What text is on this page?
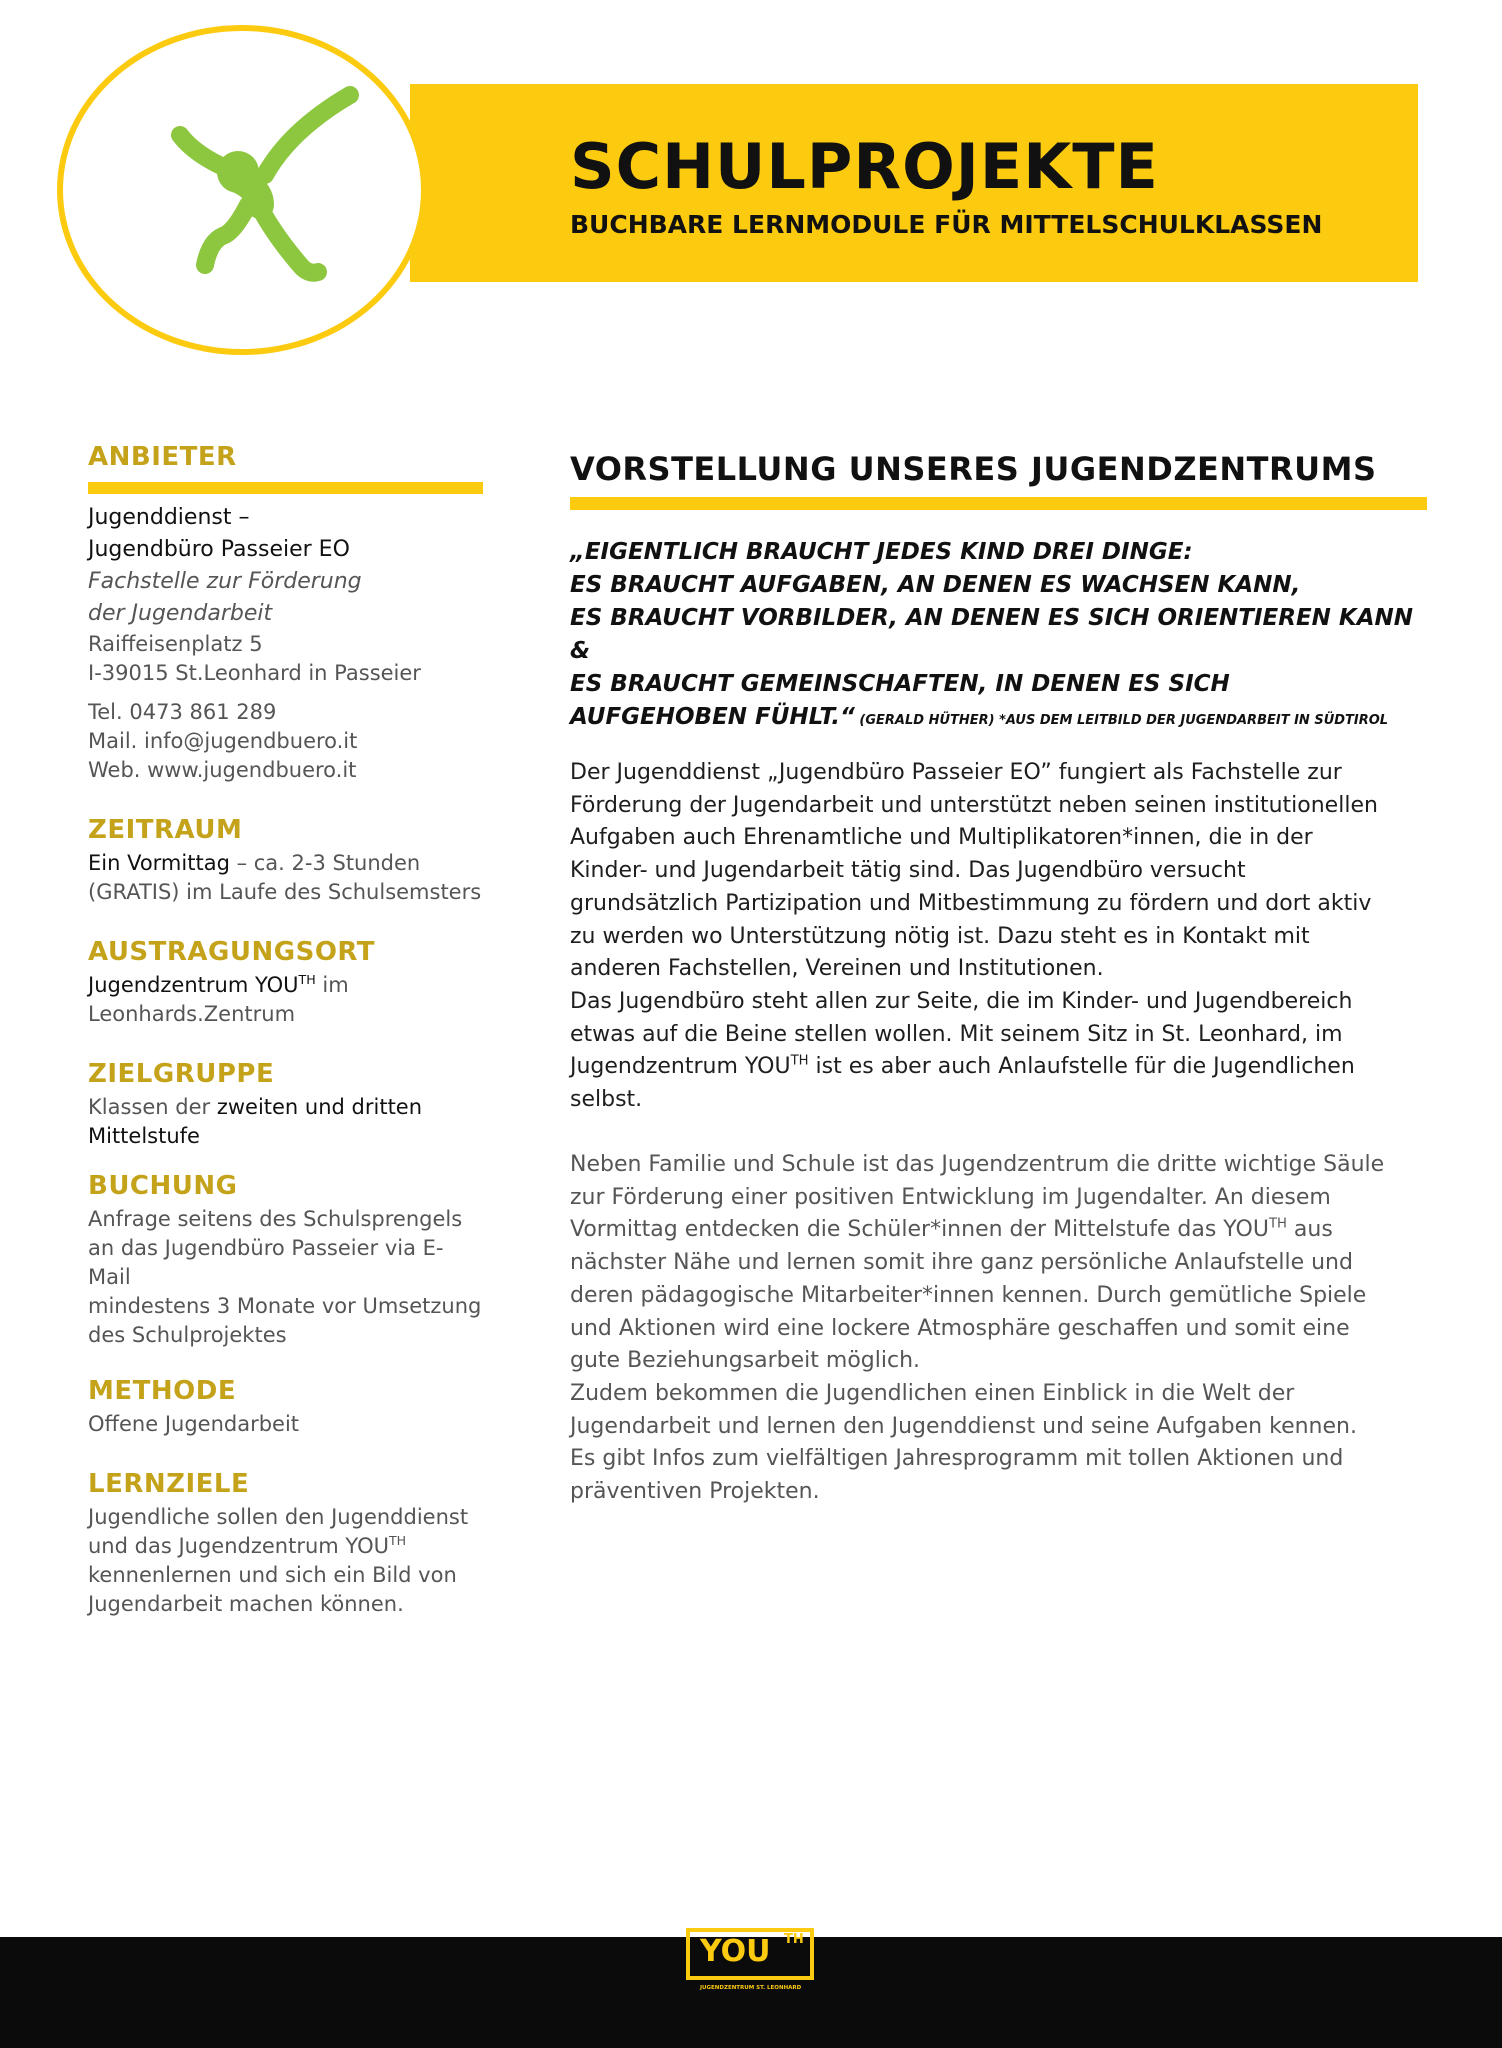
SCHULPROJEKTE
BUCHBARE LERNMODULE FÜR MITTELSCHULKLASSEN
ANBIETER

Jugenddienst –

Jugendbüro Passeier EO

Fachstelle zur Förderung

der Jugendarbeit

Raiffeisenplatz 5

I-39015 St.Leonhard in Passeier

Tel. 0473 861 289

Mail. info@jugendbuero.it

Web. www.jugendbuero.it

ZEITRAUM

Ein Vormittag – ca. 2-3 Stunden

(GRATIS) im Laufe des Schulsemsters

AUSTRAGUNGSORT

Jugendzentrum $YOU^{TH}$ im

Leonhards.Zentrum

ZIELGRUPPE

Klassen der zweiten und dritten

Mittelstufe

BUCHUNG

Anfrage seitens des Schulsprengels

an das Jugendbüro Passeier via E-Mail

mindestens 3 Monate vor Umsetzung

des Schulprojektes

METHODE

Offene Jugendarbeit

LERNZIELE

Jugendliche sollen den Jugenddienst

und das Jugendzentrum $YOU^{TH}$

kennenlernen und sich ein Bild von

Jugendarbeit machen können.

VORSTELLUNG UNSERES JUGENDZENTRUMS
„EIGENTLICH BRAUCHT JEDES KIND DREI DINGE:
ES BRAUCHT AUFGABEN, AN DENEN ES WACHSEN KANN,
ES BRAUCHT VORBILDER, AN DENEN ES SICH ORIENTIEREN KANN &
ES BRAUCHT GEMEINSCHAFTEN, IN DENEN ES SICH
AUFGEHOBEN FÜHLT.“ (GERALD HÜTHER) *AUS DEM LEITBILD DER JUGENDARBEIT IN SÜDTIROL
Der Jugenddienst „Jugendbüro Passeier EO” fungiert als Fachstelle zur
Förderung der Jugendarbeit und unterstützt neben seinen institutionellen
Aufgaben auch Ehrenamtliche und Multiplikatoren*innen, die in der
Kinder- und Jugendarbeit tätig sind. Das Jugendbüro versucht
grundsätzlich Partizipation und Mitbestimmung zu fördern und dort aktiv
zu werden wo Unterstützung nötig ist. Dazu steht es in Kontakt mit
anderen Fachstellen, Vereinen und Institutionen.
Das Jugendbüro steht allen zur Seite, die im Kinder- und Jugendbereich
etwas auf die Beine stellen wollen. Mit seinem Sitz in St. Leonhard, im
Jugendzentrum $YOU^{TH}$ ist es aber auch Anlaufstelle für die Jugendlichen
selbst.
Neben Familie und Schule ist das Jugendzentrum die dritte wichtige Säule
zur Förderung einer positiven Entwicklung im Jugendalter. An diesem
Vormittag entdecken die Schüler*innen der Mittelstufe das $YOU^{TH}$ aus
nächster Nähe und lernen somit ihre ganz persönliche Anlaufstelle und
deren pädagogische Mitarbeiter*innen kennen. Durch gemütliche Spiele
und Aktionen wird eine lockere Atmosphäre geschaffen und somit eine
gute Beziehungsarbeit möglich.
Zudem bekommen die Jugendlichen einen Einblick in die Welt der
Jugendarbeit und lernen den Jugenddienst und seine Aufgaben kennen.
Es gibt Infos zum vielfältigen Jahresprogramm mit tollen Aktionen und
präventiven Projekten.

YOU TH

JUGENDZENTRUM ST. LEONHARD
